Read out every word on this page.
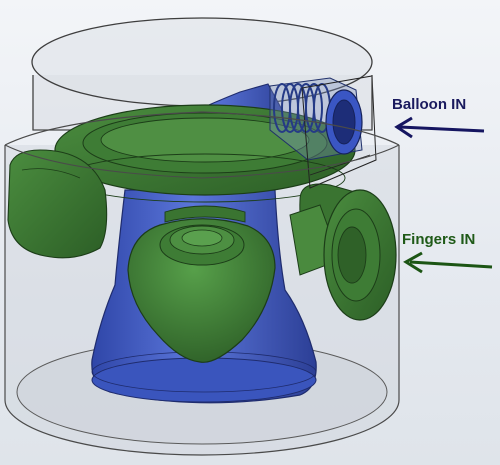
Balloon IN
Fingers IN
